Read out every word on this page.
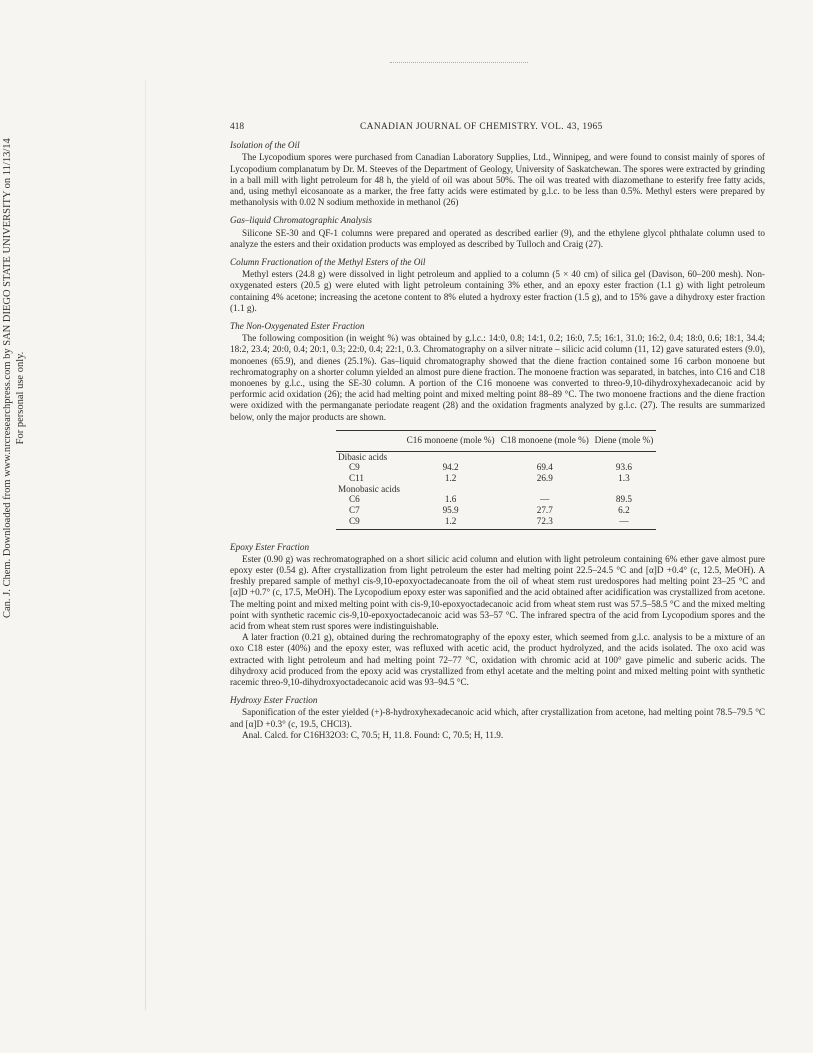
Can. J. Chem. Downloaded from www.nrcresearchpress.com by SAN DIEGO STATE UNIVERSITY on 11/13/14 For personal use only.
418	CANADIAN JOURNAL OF CHEMISTRY. VOL. 43, 1965
Isolation of the Oil

The Lycopodium spores were purchased from Canadian Laboratory Supplies, Ltd., Winnipeg, and were found to consist mainly of spores of Lycopodium complanatum by Dr. M. Steeves of the Department of Geology, University of Saskatchewan. The spores were extracted by grinding in a ball mill with light petroleum for 48 h, the yield of oil was about 50%. The oil was treated with diazomethane to esterify free fatty acids, and, using methyl eicosanoate as a marker, the free fatty acids were estimated by g.l.c. to be less than 0.5%. Methyl esters were prepared by methanolysis with 0.02 N sodium methoxide in methanol (26)

Gas–liquid Chromatographic Analysis

Silicone SE-30 and QF-1 columns were prepared and operated as described earlier (9), and the ethylene glycol phthalate column used to analyze the esters and their oxidation products was employed as described by Tulloch and Craig (27).

Column Fractionation of the Methyl Esters of the Oil

Methyl esters (24.8 g) were dissolved in light petroleum and applied to a column (5 × 40 cm) of silica gel (Davison, 60–200 mesh). Non-oxygenated esters (20.5 g) were eluted with light petroleum containing 3% ether, and an epoxy ester fraction (1.1 g) with light petroleum containing 4% acetone; increasing the acetone content to 8% eluted a hydroxy ester fraction (1.5 g), and to 15% gave a dihydroxy ester fraction (1.1 g).

The Non-Oxygenated Ester Fraction

The following composition (in weight %) was obtained by g.l.c.: 14:0, 0.8; 14:1, 0.2; 16:0, 7.5; 16:1, 31.0; 16:2, 0.4; 18:0, 0.6; 18:1, 34.4; 18:2, 23.4; 20:0, 0.4; 20:1, 0.3; 22:0, 0.4; 22:1, 0.3. Chromatography on a silver nitrate – silicic acid column (11, 12) gave saturated esters (9.0), monoenes (65.9), and dienes (25.1%). Gas–liquid chromatography showed that the diene fraction contained some 16 carbon monoene but rechromatography on a shorter column yielded an almost pure diene fraction. The monoene fraction was separated, in batches, into C16 and C18 monoenes by g.l.c., using the SE-30 column. A portion of the C16 monoene was converted to threo-9,10-dihydroxyhexadecanoic acid by performic acid oxidation (26); the acid had melting point and mixed melting point 88–89 °C. The two monoene fractions and the diene fraction were oxidized with the permanganate periodate reagent (28) and the oxidation fragments analyzed by g.l.c. (27). The results are summarized below, only the major products are shown.

	C16 monoene (mole %)	C18 monoene (mole %)	Diene (mole %)
Dibasic acids			
C9	94.2	69.4	93.6
C11	1.2	26.9	1.3
Monobasic acids			
C6	1.6	—	89.5
C7	95.9	27.7	6.2
C9	1.2	72.3	—

Epoxy Ester Fraction

Ester (0.90 g) was rechromatographed on a short silicic acid column and elution with light petroleum containing 6% ether gave almost pure epoxy ester (0.54 g). After crystallization from light petroleum the ester had melting point 22.5–24.5 °C and [α]D +0.4° (c, 12.5, MeOH). A freshly prepared sample of methyl cis-9,10-epoxyoctadecanoate from the oil of wheat stem rust uredospores had melting point 23–25 °C and [α]D +0.7° (c, 17.5, MeOH). The Lycopodium epoxy ester was saponified and the acid obtained after acidification was crystallized from acetone. The melting point and mixed melting point with cis-9,10-epoxyoctadecanoic acid from wheat stem rust was 57.5–58.5 °C and the mixed melting point with synthetic racemic cis-9,10-epoxyoctadecanoic acid was 53–57 °C. The infrared spectra of the acid from Lycopodium spores and the acid from wheat stem rust spores were indistinguishable.

A later fraction (0.21 g), obtained during the rechromatography of the epoxy ester, which seemed from g.l.c. analysis to be a mixture of an oxo C18 ester (40%) and the epoxy ester, was refluxed with acetic acid, the product hydrolyzed, and the acids isolated. The oxo acid was extracted with light petroleum and had melting point 72–77 °C, oxidation with chromic acid at 100° gave pimelic and suberic acids. The dihydroxy acid produced from the epoxy acid was crystallized from ethyl acetate and the melting point and mixed melting point with synthetic racemic threo-9,10-dihydroxyoctadecanoic acid was 93–94.5 °C.

Hydroxy Ester Fraction

Saponification of the ester yielded (+)-8-hydroxyhexadecanoic acid which, after crystallization from acetone, had melting point 78.5–79.5 °C and [α]D +0.3° (c, 19.5, CHCl3).

Anal. Calcd. for C16H32O3: C, 70.5; H, 11.8. Found: C, 70.5; H, 11.9.
